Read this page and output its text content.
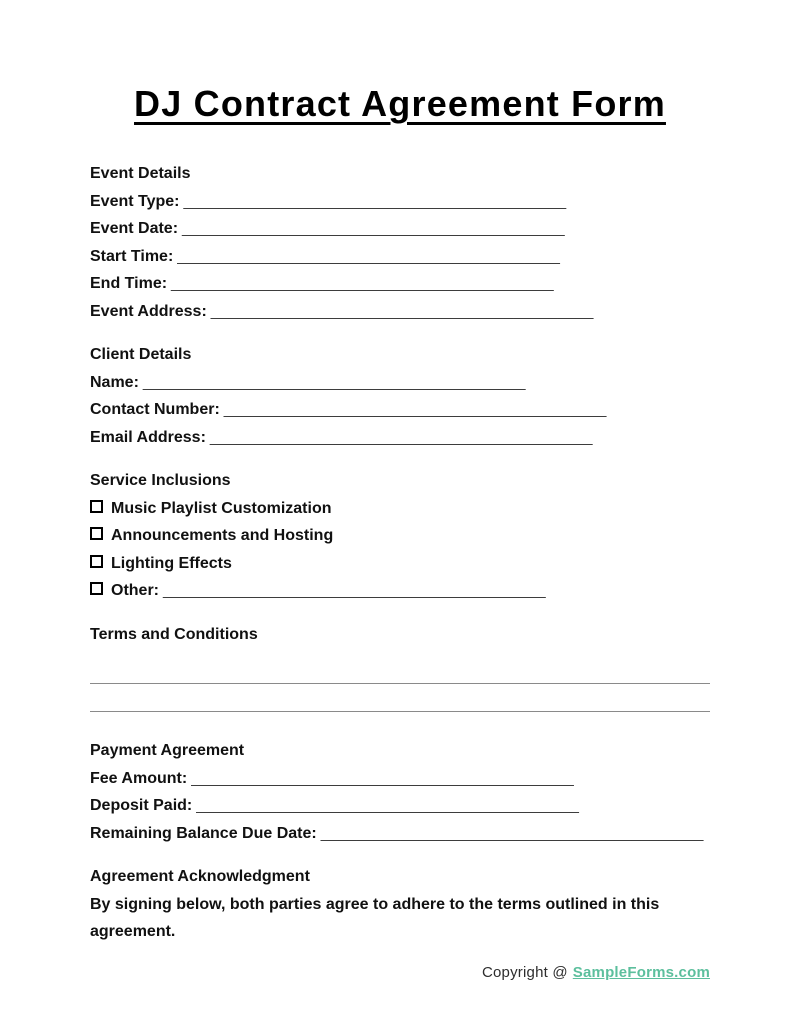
DJ Contract Agreement Form
Event Details
Event Type: ___________________________________________
Event Date: ___________________________________________
Start Time: ___________________________________________
End Time: ___________________________________________
Event Address: ___________________________________________
Client Details
Name: ___________________________________________
Contact Number: ___________________________________________
Email Address: ___________________________________________
Service Inclusions
Music Playlist Customization
Announcements and Hosting
Lighting Effects
Other: ___________________________________________
Terms and Conditions
Payment Agreement
Fee Amount: ___________________________________________
Deposit Paid: ___________________________________________
Remaining Balance Due Date: ___________________________________________
Agreement Acknowledgment
By signing below, both parties agree to adhere to the terms outlined in this agreement.
Copyright @ SampleForms.com
